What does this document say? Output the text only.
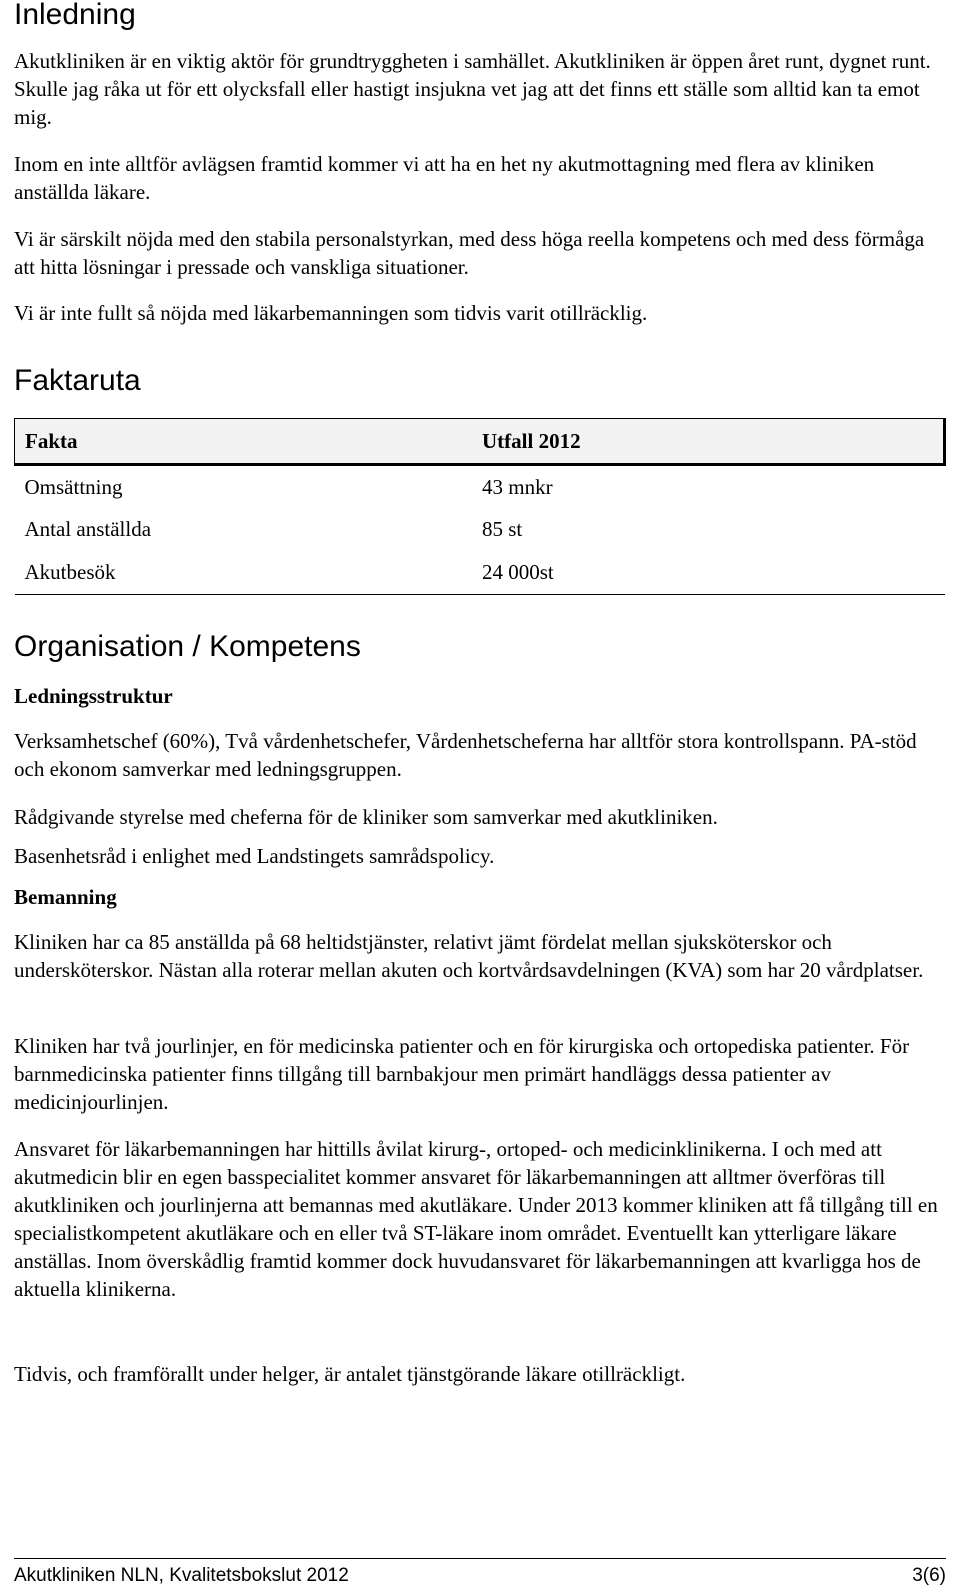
Inledning

Akutkliniken är en viktig aktör för grundtryggheten i samhället. Akutkliniken är öppen året runt, dygnet runt. Skulle jag råka ut för ett olycksfall eller hastigt insjukna vet jag att det finns ett ställe som alltid kan ta emot mig.

Inom en inte alltför avlägsen framtid kommer vi att ha en het ny akutmottagning med flera av kliniken anställda läkare.

Vi är särskilt nöjda med den stabila personalstyrkan, med dess höga reella kompetens och med dess förmåga att hitta lösningar i pressade och vanskliga situationer.

Vi är inte fullt så nöjda med läkarbemanningen som tidvis varit otillräcklig.

Faktaruta
Fakta	Utfall 2012
Omsättning	43 mnkr
Antal anställda	85 st
Akutbesök	24 000st
Organisation / Kompetens
Ledningsstruktur

Verksamhetschef (60%), Två vårdenhetschefer, Vårdenhetscheferna har alltför stora kontrollspann. PA-stöd och ekonom samverkar med ledningsgruppen.

Rådgivande styrelse med cheferna för de kliniker som samverkar med akutkliniken.

Basenhetsråd i enlighet med Landstingets samrådspolicy.

Bemanning

Kliniken har ca 85 anställda på 68 heltidstjänster, relativt jämt fördelat mellan sjuksköterskor och undersköterskor. Nästan alla roterar mellan akuten och kortvårdsavdelningen (KVA) som har 20 vårdplatser.

Kliniken har två jourlinjer, en för medicinska patienter och en för kirurgiska och ortopediska patienter. För barnmedicinska patienter finns tillgång till barnbakjour men primärt handläggs dessa patienter av medicinjourlinjen.

Ansvaret för läkarbemanningen har hittills åvilat kirurg-, ortoped- och medicinklinikerna. I och med att akutmedicin blir en egen basspecialitet kommer ansvaret för läkarbemanningen att alltmer överföras till akutkliniken och jourlinjerna att bemannas med akutläkare. Under 2013 kommer kliniken att få tillgång till en specialistkompetent akutläkare och en eller två ST-läkare inom området. Eventuellt kan ytterligare läkare anställas. Inom överskådlig framtid kommer dock huvudansvaret för läkarbemanningen att kvarligga hos de aktuella klinikerna.

Tidvis, och framförallt under helger, är antalet tjänstgörande läkare otillräckligt.

Akutkliniken NLN, Kvalitetsbokslut 2012	3(6)
